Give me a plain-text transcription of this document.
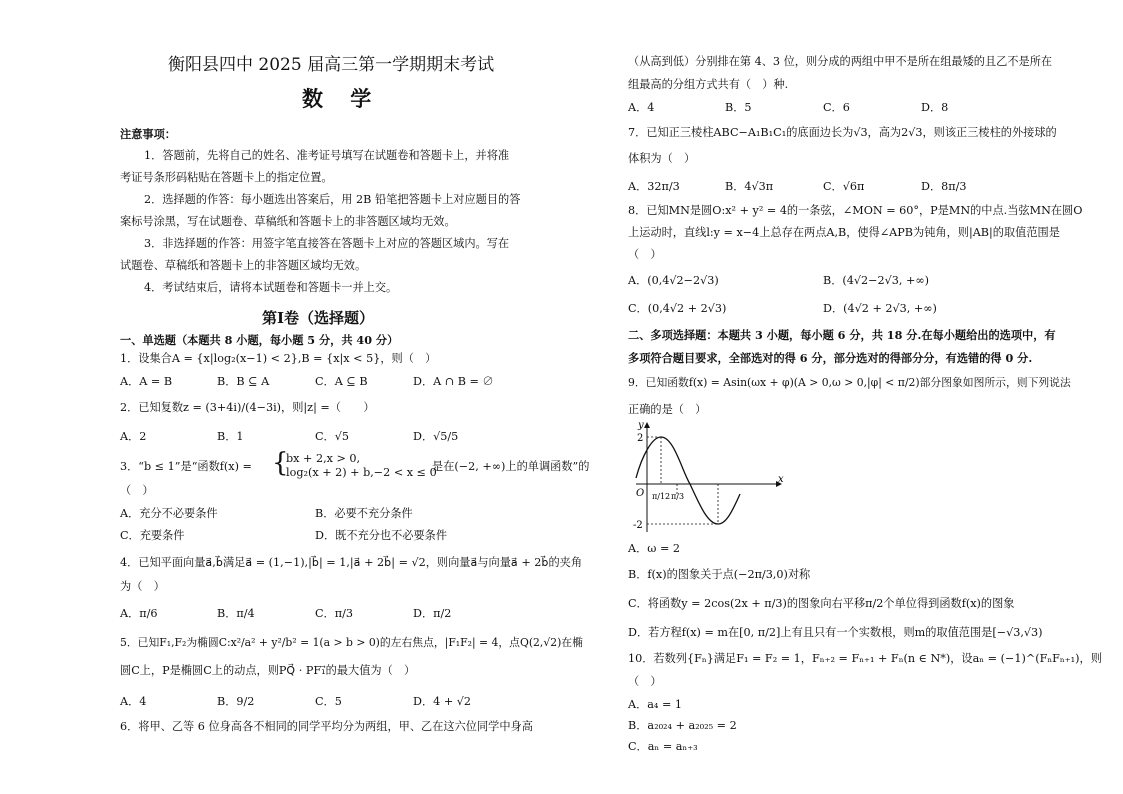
衡阳县四中 2025 届高三第一学期期末考试
数 学
注意事项：
1．答题前，先将自己的姓名、准考证号填写在试题卷和答题卡上，并将准
考证号条形码粘贴在答题卡上的指定位置。
2．选择题的作答：每小题选出答案后，用 2B 铅笔把答题卡上对应题目的答
案标号涂黑，写在试题卷、草稿纸和答题卡上的非答题区域均无效。
3．非选择题的作答：用签字笔直接答在答题卡上对应的答题区域内。写在
试题卷、草稿纸和答题卡上的非答题区域均无效。
4．考试结束后，请将本试题卷和答题卡一并上交。
第Ⅰ卷（选择题）
一、单选题（本题共 8 小题，每小题 5 分，共 40 分）
1．设集合A = {x|log₂(x−1) < 2},B = {x|x < 5}，则（　）
A．A = B	B．B ⊆ A	C．A ⊆ B	D．A ∩ B = ∅
2．已知复数z = (3+4i)/(4−3i)，则|z| =（　　）
A．2	B．1	C．√5	D．√5/5
3．“b ≤ 1”是“函数f(x) = {
bx + 2,x > 0,
log₂(x + 2) + b,−2 < x ≤ 0
是在(−2, +∞)上的单调函数”的
（　）
A．充分不必要条件	B．必要不充分条件
C．充要条件	D．既不充分也不必要条件
4．已知平面向量a⃗,b⃗满足a⃗ = (1,−1),|b⃗| = 1,|a⃗ + 2b⃗| = √2，则向量a⃗与向量a⃗ + 2b⃗的夹角
为（　）
A．π/6	B．π/4	C．π/3	D．π/2
5．已知F₁,F₂为椭圆C:x²/a² + y²/b² = 1(a > b > 0)的左右焦点，|F₁F₂| = 4，点Q(2,√2)在椭
圆C上，P是椭圆C上的动点，则PQ⃗ · PF₁⃗的最大值为（　）
A．4	B．9/2	C．5	D．4 + √2
6．将甲、乙等 6 位身高各不相同的同学平均分为两组，甲、乙在这六位同学中身高
（从高到低）分别排在第 4、3 位，则分成的两组中甲不是所在组最矮的且乙不是所在
组最高的分组方式共有（　）种.
A．4	B．5	C．6	D．8
7．已知正三棱柱ABC−A₁B₁C₁的底面边长为√3，高为2√3，则该正三棱柱的外接球的
体积为（　）
A．32π/3	B．4√3π	C．√6π	D．8π/3
8．已知MN是圆O:x² + y² = 4的一条弦，∠MON = 60°，P是MN的中点.当弦MN在圆O
上运动时，直线l:y = x−4上总存在两点A,B，使得∠APB为钝角，则|AB|的取值范围是
（　）
A．(0,4√2−2√3)	B．(4√2−2√3, +∞)
C．(0,4√2 + 2√3)	D．(4√2 + 2√3, +∞)
二、多项选择题：本题共 3 小题，每小题 6 分，共 18 分.在每小题给出的选项中，有
多项符合题目要求，全部选对的得 6 分，部分选对的得部分分，有选错的得 0 分.
9．已知函数f(x) = Asin(ωx + φ)(A > 0,ω > 0,|φ| < π/2)部分图象如图所示，则下列说法
正确的是（　）
y
x
O
2
-2
π/12 π/3
A．ω = 2
B．f(x)的图象关于点(−2π/3,0)对称
C．将函数y = 2cos(2x + π/3)的图象向右平移π/2个单位得到函数f(x)的图象
D．若方程f(x) = m在[0, π/2]上有且只有一个实数根，则m的取值范围是[−√3,√3)
10．若数列{Fₙ}满足F₁ = F₂ = 1，Fₙ₊₂ = Fₙ₊₁ + Fₙ(n ∈ N*)，设aₙ = (−1)^(FₙFₙ₊₁)，则
（　）
A．a₄ = 1
B．a₂₀₂₄ + a₂₀₂₅ = 2
C．aₙ = aₙ₊₃
